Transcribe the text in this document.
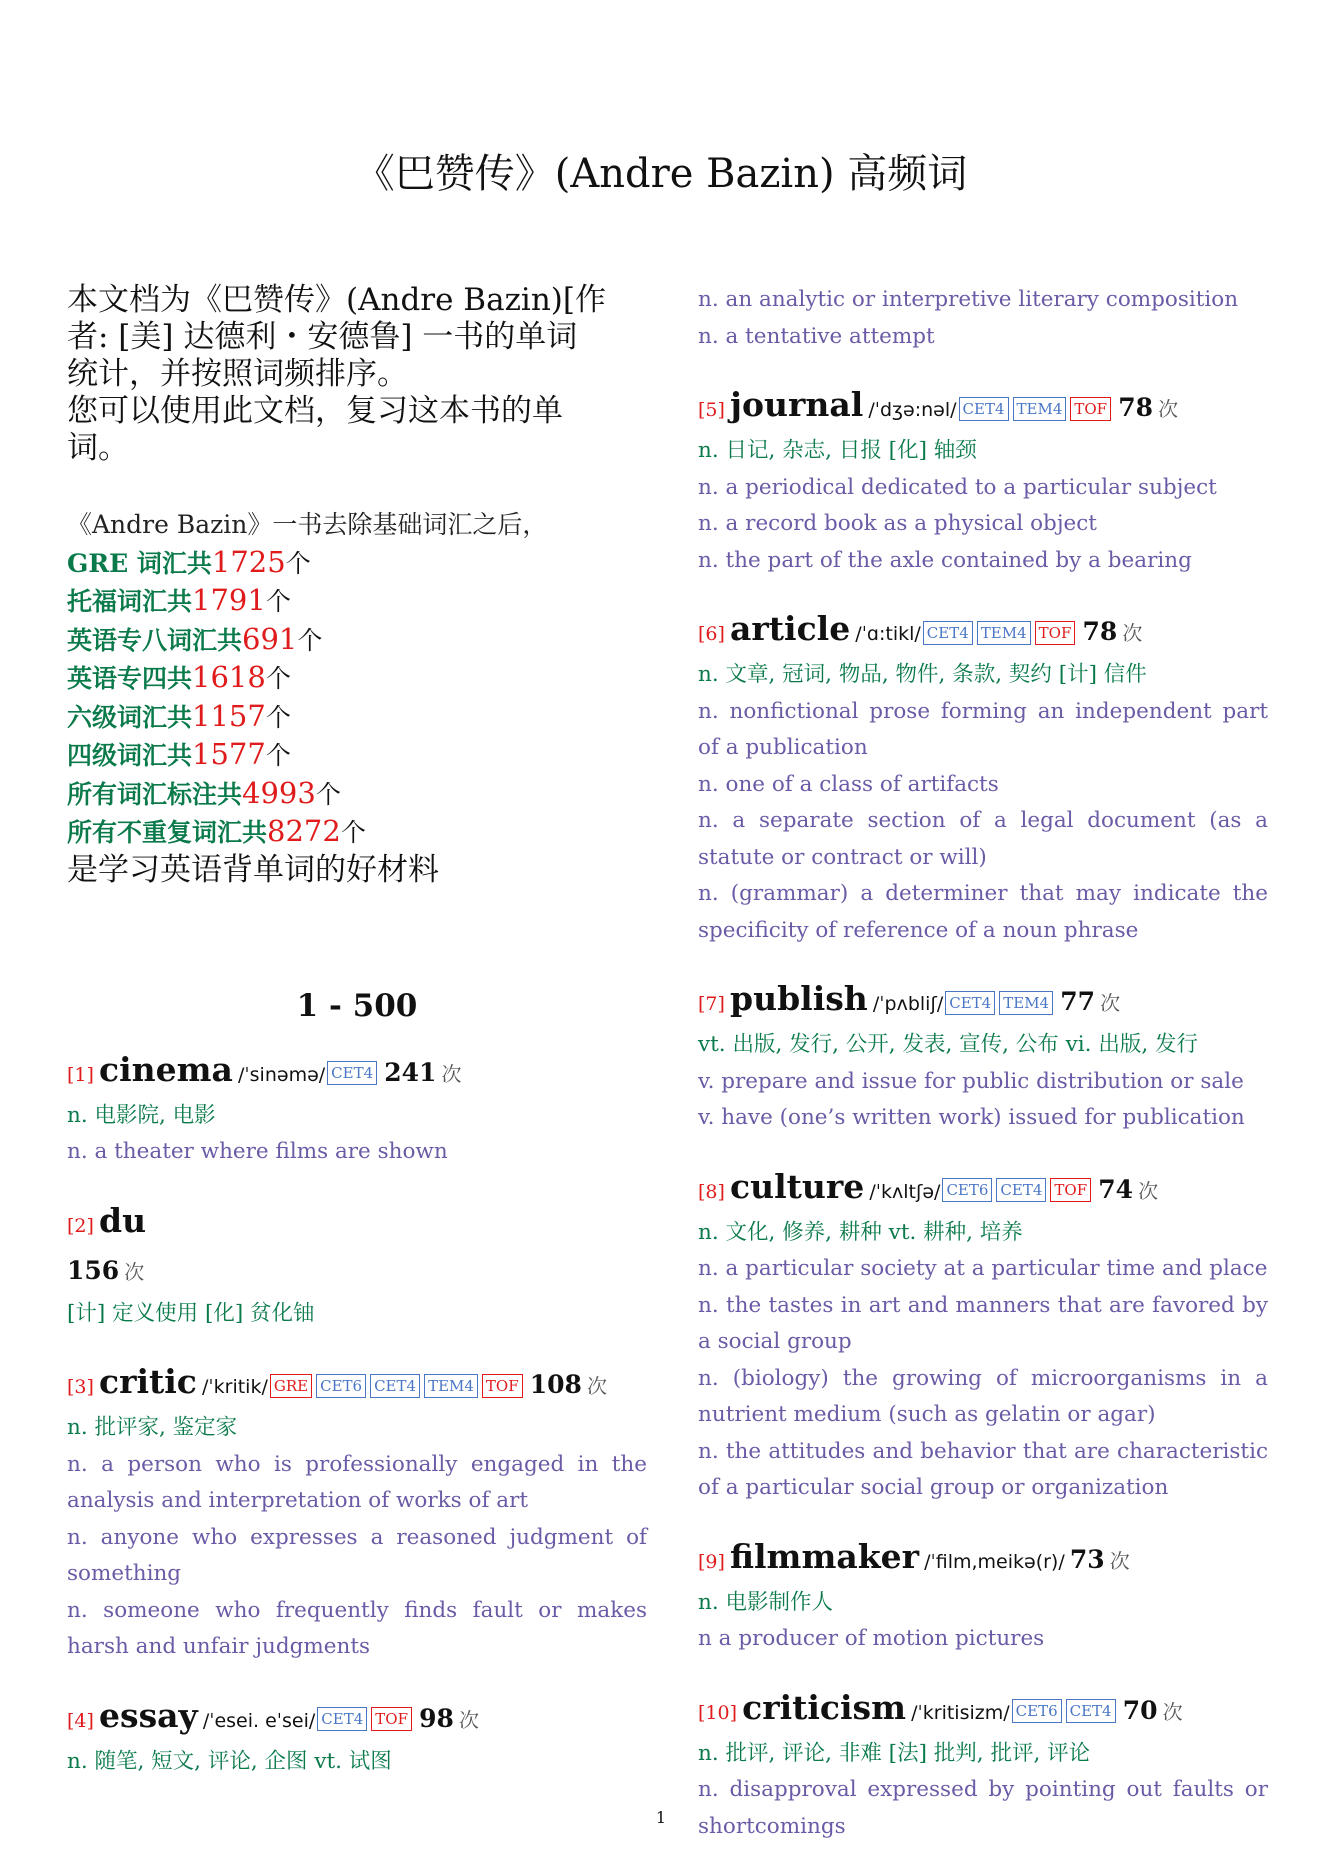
《巴赞传》(Andre Bazin) 高频词
本文档为《巴赞传》(Andre Bazin)[作
者: [美] 达德利・安德鲁] 一书的单词
统计，并按照词频排序。
您可以使用此文档，复习这本书的单
词。
《Andre Bazin》一书去除基础词汇之后，
GRE 词汇共1725个
托福词汇共1791个
英语专八词汇共691个
英语专四共1618个
六级词汇共1157个
四级词汇共1577个
所有词汇标注共4993个
所有不重复词汇共8272个
是学习英语背单词的好材料
1 - 500
[1] cinema /ˈsinəmə/ CET4 241 次
n. 电影院, 电影
n. a theater where films are shown
[2] du
156 次
[计] 定义使用 [化] 贫化铀
[3] critic /ˈkritik/ GRE CET6 CET4 TEM4 TOF 108 次
n. 批评家, 鉴定家
n. a person who is professionally engaged in the analysis and interpretation of works of art
n. anyone who expresses a reasoned judgment of something
n. someone who frequently finds fault or makes harsh and unfair judgments
[4] essay /ˈesei. eˈsei/ CET4 TOF 98 次
n. 随笔, 短文, 评论, 企图 vt. 试图
n. an analytic or interpretive literary composition
n. a tentative attempt
[5] journal /ˈdʒə:nəl/ CET4 TEM4 TOF 78 次
n. 日记, 杂志, 日报 [化] 轴颈
n. a periodical dedicated to a particular subject
n. a record book as a physical object
n. the part of the axle contained by a bearing
[6] article /ˈɑ:tikl/ CET4 TEM4 TOF 78 次
n. 文章, 冠词, 物品, 物件, 条款, 契约 [计] 信件
n. nonfictional prose forming an independent part of a publication
n. one of a class of artifacts
n. a separate section of a legal document (as a statute or contract or will)
n. (grammar) a determiner that may indicate the specificity of reference of a noun phrase
[7] publish /ˈpʌbliʃ/ CET4 TEM4 77 次
vt. 出版, 发行, 公开, 发表, 宣传, 公布 vi. 出版, 发行
v. prepare and issue for public distribution or sale
v. have (one’s written work) issued for publication
[8] culture /ˈkʌltʃə/ CET6 CET4 TOF 74 次
n. 文化, 修养, 耕种 vt. 耕种, 培养
n. a particular society at a particular time and place
n. the tastes in art and manners that are favored by a social group
n. (biology) the growing of microorganisms in a nutrient medium (such as gelatin or agar)
n. the attitudes and behavior that are characteristic of a particular social group or organization
[9] filmmaker /ˈfilm,meikə(r)/ 73 次
n. 电影制作人
n a producer of motion pictures
[10] criticism /ˈkritisizm/ CET6 CET4 70 次
n. 批评, 评论, 非难 [法] 批判, 批评, 评论
n. disapproval expressed by pointing out faults or shortcomings
1
